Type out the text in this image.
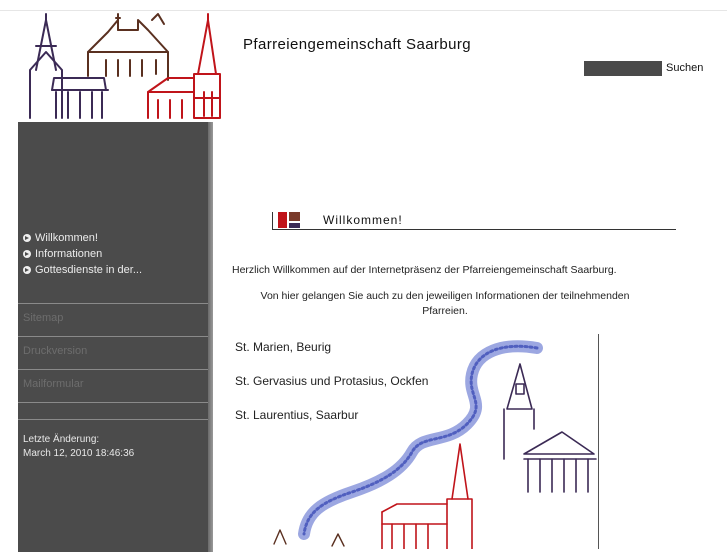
Pfarreiengemeinschaft Saarburg
Suchen
Willkommen!
Informationen
Gottesdienste in der...
Sitemap
Druckversion
Mailformular
Letzte Änderung:
March 12, 2010 18:46:36
Willkommen!
Herzlich Willkommen auf der Internetpräsenz der Pfarreiengemeinschaft Saarburg.
Von hier gelangen Sie auch zu den jeweiligen Informationen der teilnehmenden Pfarreien.
St. Marien, Beurig
St. Gervasius und Protasius, Ockfen
St. Laurentius, Saarbur
